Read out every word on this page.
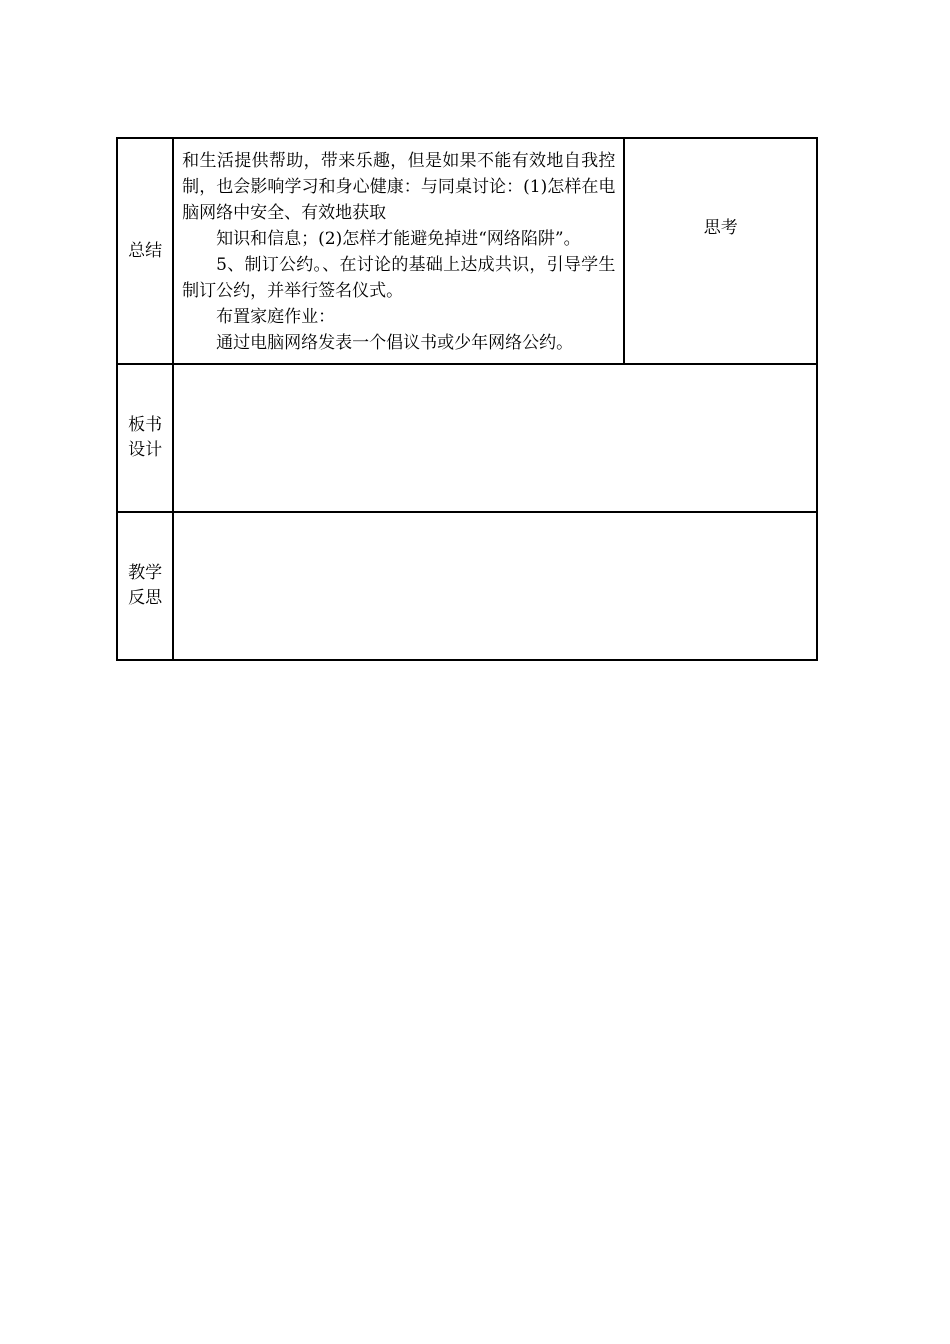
总结	和生活提供帮助，带来乐趣，但是如果不能有效地自我控制，也会影响学习和身心健康：与同桌讨论：(1)怎样在电脑网络中安全、有效地获取

知识和信息；(2)怎样才能避免掉进“网络陷阱”。

5、制订公约。、在讨论的基础上达成共识，引导学生制订公约，并举行签名仪式。

布置家庭作业：

通过电脑网络发表一个倡议书或少年网络公约。	思考

板书
设计		

教学
反思		
